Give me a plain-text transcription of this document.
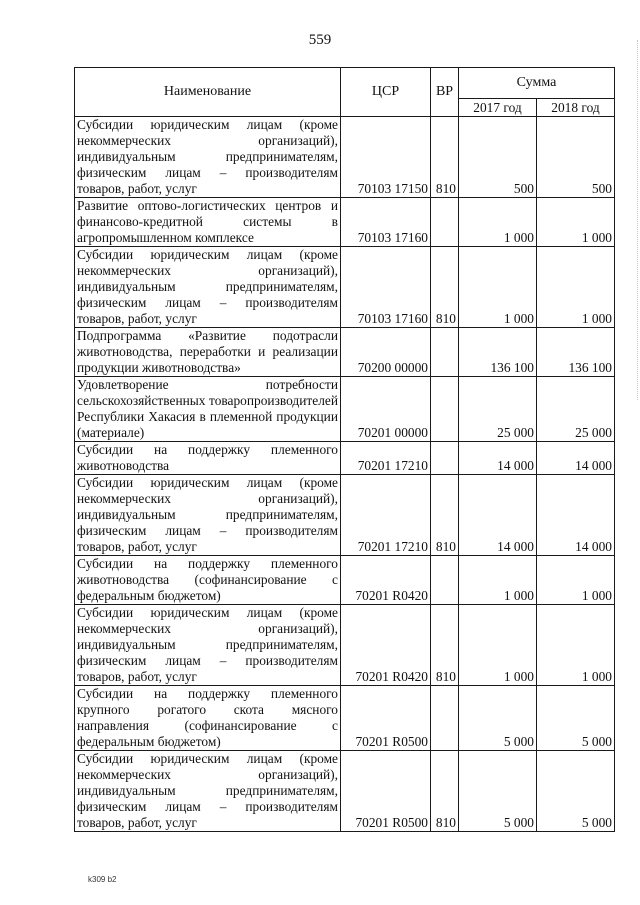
559
Наименование	ЦСР	ВР	Сумма	
			2017 год	2018 год
Субсидии юридическим лицам (кроме некоммерческих организаций), индивидуальным предпринимателям, физическим лицам – производителям товаров, работ, услуг	70103 17150	810	500	500
Развитие оптово-логистических центров и финансово-кредитной системы в агропромышленном комплексе	70103 17160		1 000	1 000
Субсидии юридическим лицам (кроме некоммерческих организаций), индивидуальным предпринимателям, физическим лицам – производителям товаров, работ, услуг	70103 17160	810	1 000	1 000
Подпрограмма «Развитие подотрасли животноводства, переработки и реализации продукции животноводства»	70200 00000		136 100	136 100
Удовлетворение потребности сельскохозяйственных товаропроизводителей Республики Хакасия в племенной продукции (материале)	70201 00000		25 000	25 000
Субсидии на поддержку племенного животноводства	70201 17210		14 000	14 000
Субсидии юридическим лицам (кроме некоммерческих организаций), индивидуальным предпринимателям, физическим лицам – производителям товаров, работ, услуг	70201 17210	810	14 000	14 000
Субсидии на поддержку племенного животноводства (софинансирование с федеральным бюджетом)	70201 R0420		1 000	1 000
Субсидии юридическим лицам (кроме некоммерческих организаций), индивидуальным предпринимателям, физическим лицам – производителям товаров, работ, услуг	70201 R0420	810	1 000	1 000
Субсидии на поддержку племенного крупного рогатого скота мясного направления (софинансирование с федеральным бюджетом)	70201 R0500		5 000	5 000
Субсидии юридическим лицам (кроме некоммерческих организаций), индивидуальным предпринимателям, физическим лицам – производителям товаров, работ, услуг	70201 R0500	810	5 000	5 000
k309 b2
